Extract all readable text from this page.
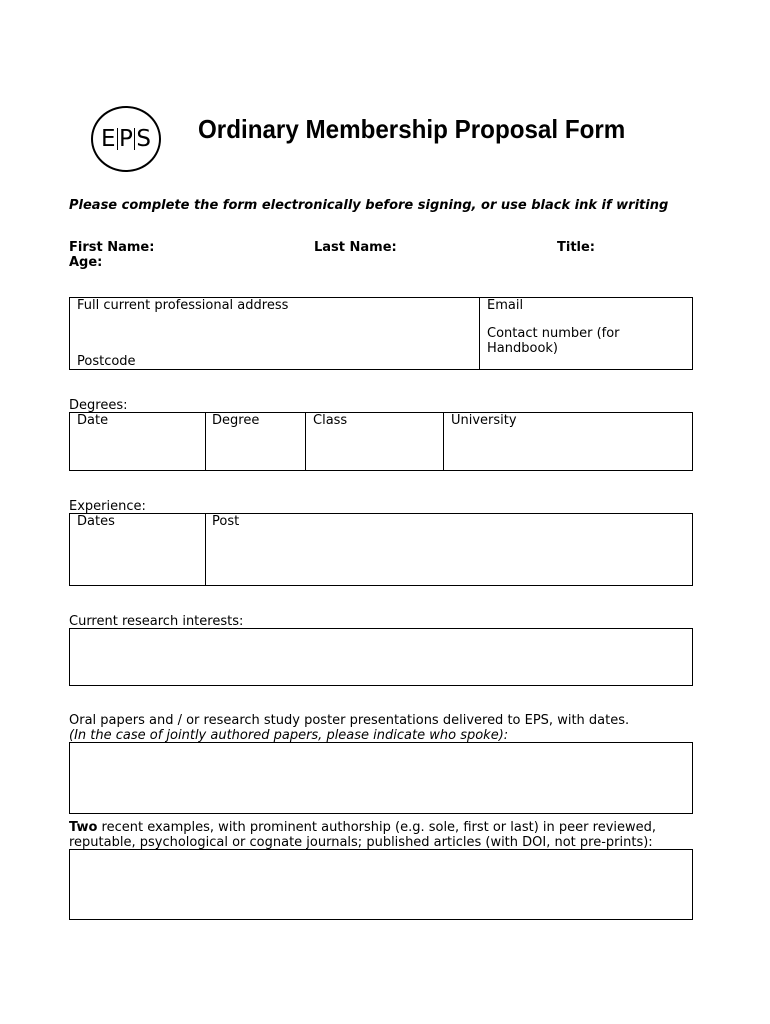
E P S Ordinary Membership Proposal Form
Please complete the form electronically before signing, or use black ink if writing
First Name:	Last Name:	Title:
Age:
Full current professional address
Postcode
Email
Contact number (for
Handbook)
Degrees:
Date	Degree	Class	University
Experience:
Dates	Post
Current research interests:
Oral papers and / or research study poster presentations delivered to EPS, with dates.
(In the case of jointly authored papers, please indicate who spoke):
Two recent examples, with prominent authorship (e.g. sole, first or last) in peer reviewed,
reputable, psychological or cognate journals; published articles (with DOI, not pre-prints):
